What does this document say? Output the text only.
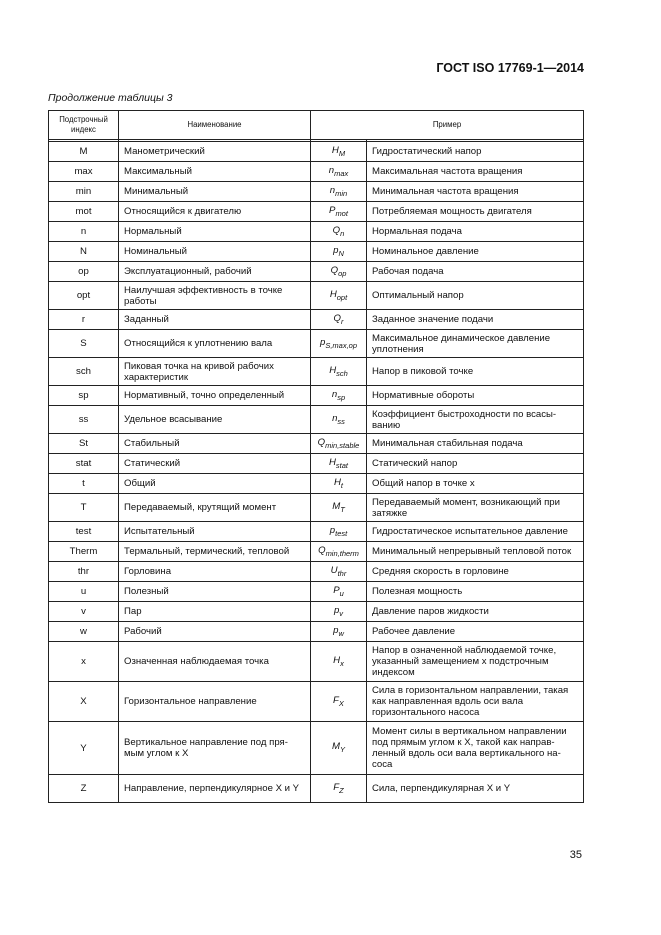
ГОСТ ISO 17769-1—2014
Продолжение таблицы 3
Подстрочный индекс	Наименование	Пример	

M	Манометрический	$H_M$	Гидростатический напор
max	Максимальный	$n_{max}$	Максимальная частота вращения
min	Минимальный	$n_{min}$	Минимальная частота вращения
mot	Относящийся к двигателю	$P_{mot}$	Потребляемая мощность двигателя
n	Нормальный	$Q_n$	Нормальная подача
N	Номинальный	$p_N$	Номинальное давление
op	Эксплуатационный, рабочий	$Q_{op}$	Рабочая подача
opt	Наилучшая эффективность в точке работы	$H_{opt}$	Оптимальный напор
r	Заданный	$Q_r$	Заданное значение подачи
S	Относящийся к уплотнению вала	$p_{S,max,op}$	Максимальное динамическое давление уплотнения
sch	Пиковая точка на кривой рабочих характеристик	$H_{sch}$	Напор в пиковой точке
sp	Нормативный, точно определенный	$n_{sp}$	Нормативные обороты
ss	Удельное всасывание	$n_{ss}$	Коэффициент быстроходности по всасы-ванию
St	Стабильный	$Q_{min,stable}$	Минимальная стабильная подача
stat	Статический	$H_{stat}$	Статический напор
t	Общий	$H_t$	Общий напор в точке x
T	Передаваемый, крутящий момент	$M_T$	Передаваемый момент, возникающий при затяжке
test	Испытательный	$p_{test}$	Гидростатическое испытательное давление
Therm	Термальный, термический, тепловой	$Q_{min,therm}$	Минимальный непрерывный тепловой поток
thr	Горловина	$U_{thr}$	Средняя скорость в горловине
u	Полезный	$P_u$	Полезная мощность
v	Пар	$p_v$	Давление паров жидкости
w	Рабочий	$p_w$	Рабочее давление
x	Означенная наблюдаемая точка	$H_x$	Напор в означенной наблюдаемой точке, указанный замещением x подстрочным индексом
X	Горизонтальное направление	$F_X$	Сила в горизонтальном направлении, такая как направленная вдоль оси вала горизонтального насоса
Y	Вертикальное направление под пря-мым углом к X	$M_Y$	Момент силы в вертикальном направлении под прямым углом к X, такой как направ-ленный вдоль оси вала вертикального на-соса
Z	Направление, перпендикулярное X и Y	$F_Z$	Сила, перпендикулярная X и Y
35
